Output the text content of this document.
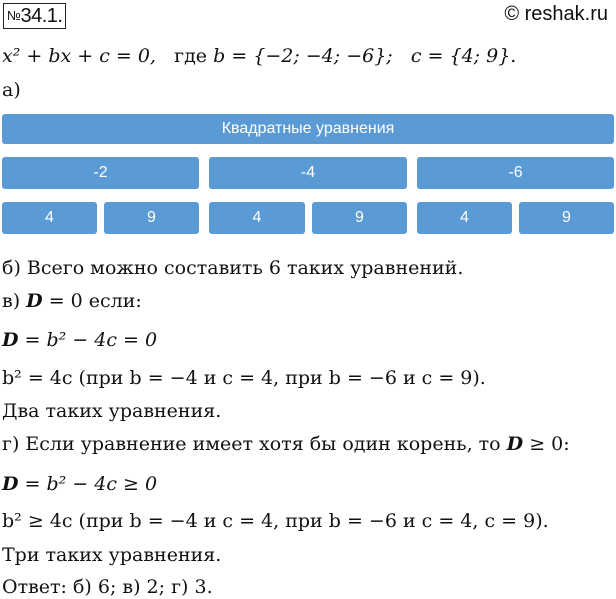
№34.1.	© reshak.ru
x² + bx + c = 0, где b = {−2; −4; −6}; c = {4; 9}.
а)
Квадратные уравнения
-2	-4	-6
4	9	4	9	4	9
б) Всего можно составить 6 таких уравнений.
в) D = 0 если:
D = b² − 4c = 0
b² = 4c (при b = −4 и c = 4, при b = −6 и c = 9).
Два таких уравнения.
г) Если уравнение имеет хотя бы один корень, то D ≥ 0:
D = b² − 4c ≥ 0
b² ≥ 4c (при b = −4 и c = 4, при b = −6 и c = 4, c = 9).
Три таких уравнения.
Ответ: б) 6; в) 2; г) 3.
